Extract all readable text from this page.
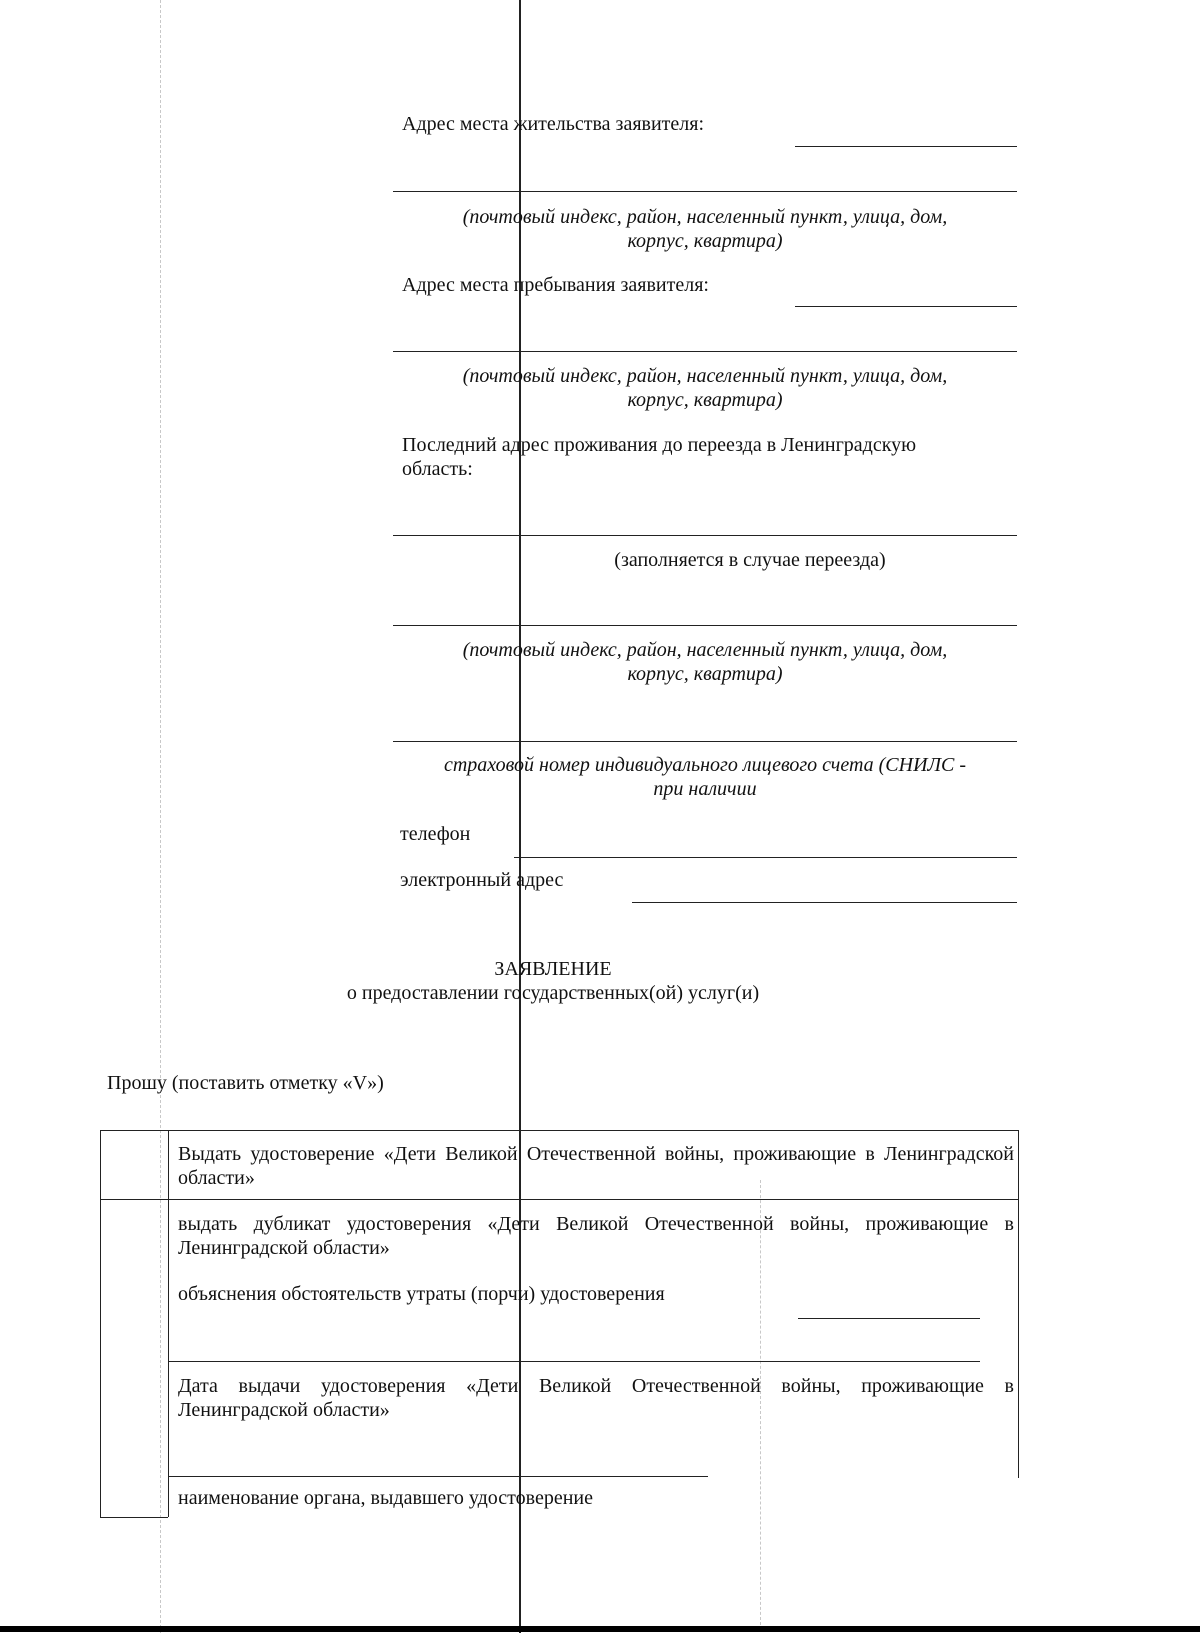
Адрес места жительства заявителя:
(почтовый индекс, район, населенный пункт, улица, дом,
корпус, квартира)
Адрес места пребывания заявителя:
(почтовый индекс, район, населенный пункт, улица, дом,
корпус, квартира)
Последний адрес проживания до переезда в Ленинградскую
область:
(заполняется в случае переезда)
(почтовый индекс, район, населенный пункт, улица, дом,
корпус, квартира)
страховой номер индивидуального лицевого счета (СНИЛС -
при наличии
телефон
электронный адрес
ЗАЯВЛЕНИЕ
о предоставлении государственных(ой) услуг(и)
Прошу (поставить отметку «V»)
Выдать удостоверение «Дети Великой Отечественной войны, проживающие в Ленинградской области»
выдать дубликат удостоверения «Дети Великой Отечественной войны, проживающие в Ленинградской области»
объяснения обстоятельств утраты (порчи) удостоверения
Дата выдачи удостоверения «Дети Великой Отечественной войны, проживающие в Ленинградской области»
наименование органа, выдавшего удостоверение
